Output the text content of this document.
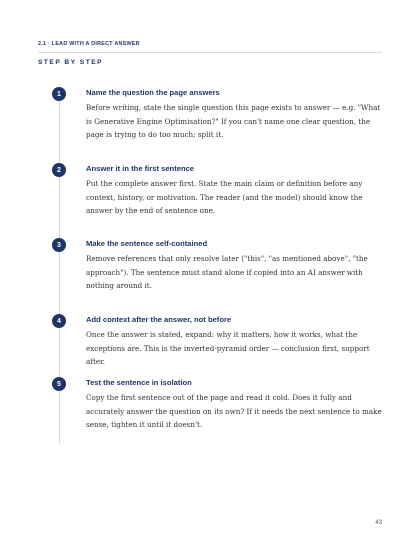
2.1 · LEAD WITH A DIRECT ANSWER
STEP BY STEP
1	Name the question the page answers

Before writing, state the single question this page exists to answer — e.g. "What is Generative Engine Optimisation?" If you can't name one clear question, the page is trying to do too much; split it.

2	Answer it in the first sentence

Put the complete answer first. State the main claim or definition before any context, history, or motivation. The reader (and the model) should know the answer by the end of sentence one.

3	Make the sentence self-contained

Remove references that only resolve later ("this", "as mentioned above", "the approach"). The sentence must stand alone if copied into an AI answer with nothing around it.

4	Add context after the answer, not before

Once the answer is stated, expand: why it matters, how it works, what the exceptions are. This is the inverted-pyramid order — conclusion first, support after.

5	Test the sentence in isolation

Copy the first sentence out of the page and read it cold. Does it fully and accurately answer the question on its own? If it needs the next sentence to make sense, tighten it until it doesn't.

43
